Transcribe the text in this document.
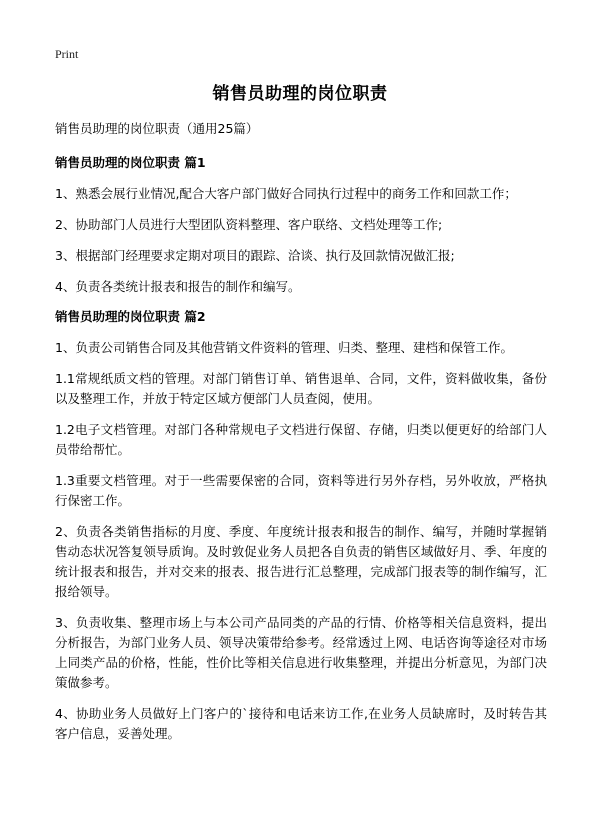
Print
销售员助理的岗位职责
销售员助理的岗位职责（通用25篇）
销售员助理的岗位职责 篇1

1、熟悉会展行业情况,配合大客户部门做好合同执行过程中的商务工作和回款工作；

2、协助部门人员进行大型团队资料整理、客户联络、文档处理等工作;

3、根据部门经理要求定期对项目的跟踪、洽谈、执行及回款情况做汇报;

4、负责各类统计报表和报告的制作和编写。

销售员助理的岗位职责 篇2

1、负责公司销售合同及其他营销文件资料的管理、归类、整理、建档和保管工作。

1.1常规纸质文档的管理。对部门销售订单、销售退单、合同，文件，资料做收集，备份以及整理工作，并放于特定区域方便部门人员查阅，使用。

1.2电子文档管理。对部门各种常规电子文档进行保留、存储，归类以便更好的给部门人员带给帮忙。

1.3重要文档管理。对于一些需要保密的合同，资料等进行另外存档，另外收放，严格执行保密工作。

2、负责各类销售指标的月度、季度、年度统计报表和报告的制作、编写，并随时掌握销售动态状况答复领导质询。及时敦促业务人员把各自负责的销售区域做好月、季、年度的统计报表和报告，并对交来的报表、报告进行汇总整理，完成部门报表等的制作编写，汇报给领导。

3、负责收集、整理市场上与本公司产品同类的产品的行情、价格等相关信息资料，提出分析报告，为部门业务人员、领导决策带给参考。经常透过上网、电话咨询等途径对市场上同类产品的价格，性能，性价比等相关信息进行收集整理，并提出分析意见，为部门决策做参考。

4、协助业务人员做好上门客户的`接待和电话来访工作,在业务人员缺席时，及时转告其客户信息，妥善处理。
